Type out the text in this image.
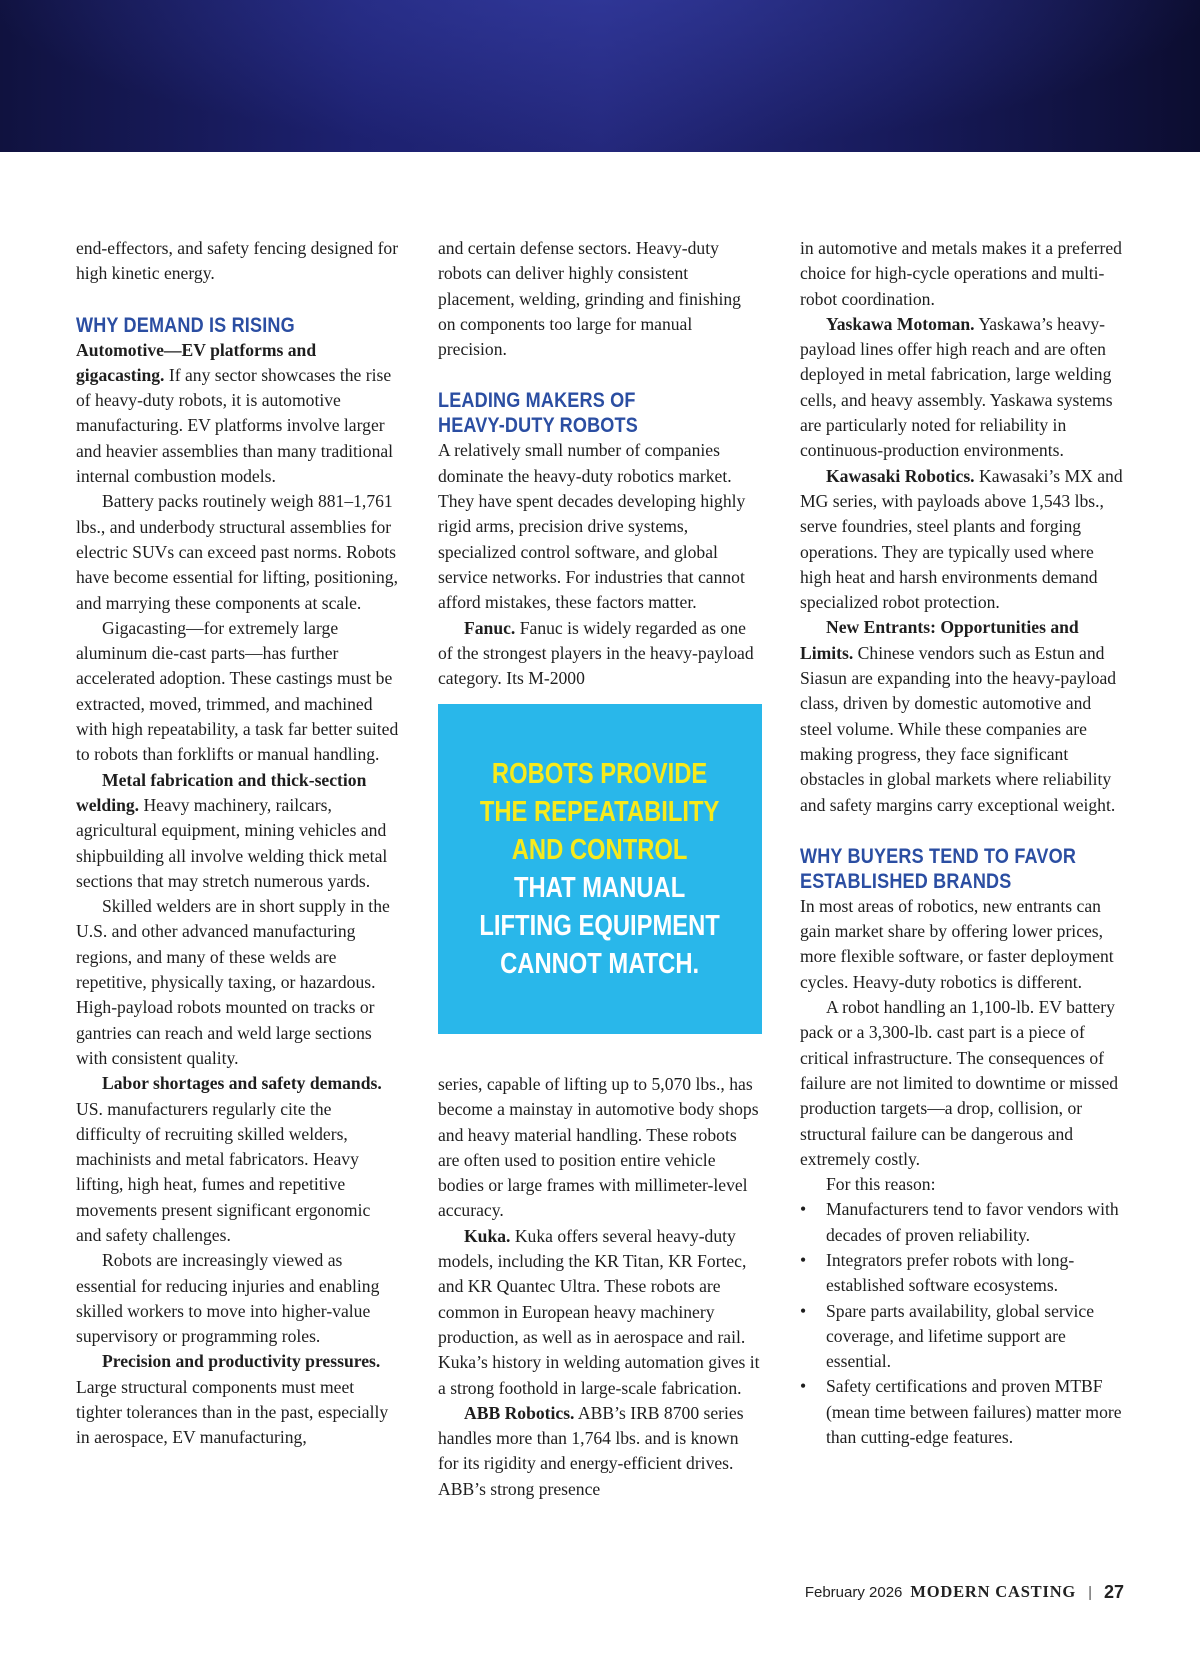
end-effectors, and safety fencing designed for high kinetic energy.

WHY DEMAND IS RISING

Automotive—EV platforms and gigacasting. If any sector showcases the rise of heavy-duty robots, it is automotive manufacturing. EV platforms involve larger and heavier assemblies than many traditional internal combustion models.

Battery packs routinely weigh 881–1,761 lbs., and underbody structural assemblies for electric SUVs can exceed past norms. Robots have become essential for lifting, positioning, and marrying these components at scale.

Gigacasting—for extremely large aluminum die-cast parts—has further accelerated adoption. These castings must be extracted, moved, trimmed, and machined with high repeatability, a task far better suited to robots than forklifts or manual handling.

Metal fabrication and thick-section welding. Heavy machinery, railcars, agricultural equipment, mining vehicles and shipbuilding all involve welding thick metal sections that may stretch numerous yards.

Skilled welders are in short supply in the U.S. and other advanced manufacturing regions, and many of these welds are repetitive, physically taxing, or hazardous. High-payload robots mounted on tracks or gantries can reach and weld large sections with consistent quality.

Labor shortages and safety demands. US. manufacturers regularly cite the difficulty of recruiting skilled welders, machinists and metal fabricators. Heavy lifting, high heat, fumes and repetitive movements present significant ergonomic and safety challenges.

Robots are increasingly viewed as essential for reducing injuries and enabling skilled workers to move into higher-value supervisory or programming roles.

Precision and productivity pressures. Large structural components must meet tighter tolerances than in the past, especially in aerospace, EV manufacturing,

and certain defense sectors. Heavy-duty robots can deliver highly consistent placement, welding, grinding and finishing on components too large for manual precision.

LEADING MAKERS OF
HEAVY-DUTY ROBOTS

A relatively small number of companies dominate the heavy-duty robotics market. They have spent decades developing highly rigid arms, precision drive systems, specialized control software, and global service networks. For industries that cannot afford mistakes, these factors matter.

Fanuc. Fanuc is widely regarded as one of the strongest players in the heavy-payload category. Its M-2000

ROBOTS PROVIDE
THE REPEATABILITY
AND CONTROL
THAT MANUAL
LIFTING EQUIPMENT
CANNOT MATCH.

series, capable of lifting up to 5,070 lbs., has become a mainstay in automotive body shops and heavy material handling. These robots are often used to position entire vehicle bodies or large frames with millimeter-level accuracy.

Kuka. Kuka offers several heavy-duty models, including the KR Titan, KR Fortec, and KR Quantec Ultra. These robots are common in European heavy machinery production, as well as in aerospace and rail. Kuka’s history in welding automation gives it a strong foothold in large-scale fabrication.

ABB Robotics. ABB’s IRB 8700 series handles more than 1,764 lbs. and is known for its rigidity and energy-efficient drives. ABB’s strong presence

in automotive and metals makes it a preferred choice for high-cycle operations and multi-robot coordination.

Yaskawa Motoman. Yaskawa’s heavy-payload lines offer high reach and are often deployed in metal fabrication, large welding cells, and heavy assembly. Yaskawa systems are particularly noted for reliability in continuous-production environments.

Kawasaki Robotics. Kawasaki’s MX and MG series, with payloads above 1,543 lbs., serve foundries, steel plants and forging operations. They are typically used where high heat and harsh environments demand specialized robot protection.

New Entrants: Opportunities and Limits. Chinese vendors such as Estun and Siasun are expanding into the heavy-payload class, driven by domestic automotive and steel volume. While these companies are making progress, they face significant obstacles in global markets where reliability and safety margins carry exceptional weight.

WHY BUYERS TEND TO FAVOR
ESTABLISHED BRANDS

In most areas of robotics, new entrants can gain market share by offering lower prices, more flexible software, or faster deployment cycles. Heavy-duty robotics is different.

A robot handling an 1,100-lb. EV battery pack or a 3,300-lb. cast part is a piece of critical infrastructure. The consequences of failure are not limited to downtime or missed production targets—a drop, collision, or structural failure can be dangerous and extremely costly.

For this reason:

• Manufacturers tend to favor vendors with decades of proven reliability.
• Integrators prefer robots with long-established software ecosystems.
• Spare parts availability, global service coverage, and lifetime support are essential.
• Safety certifications and proven MTBF (mean time between failures) matter more than cutting-edge features.
February 2026 MODERN CASTING | 27
